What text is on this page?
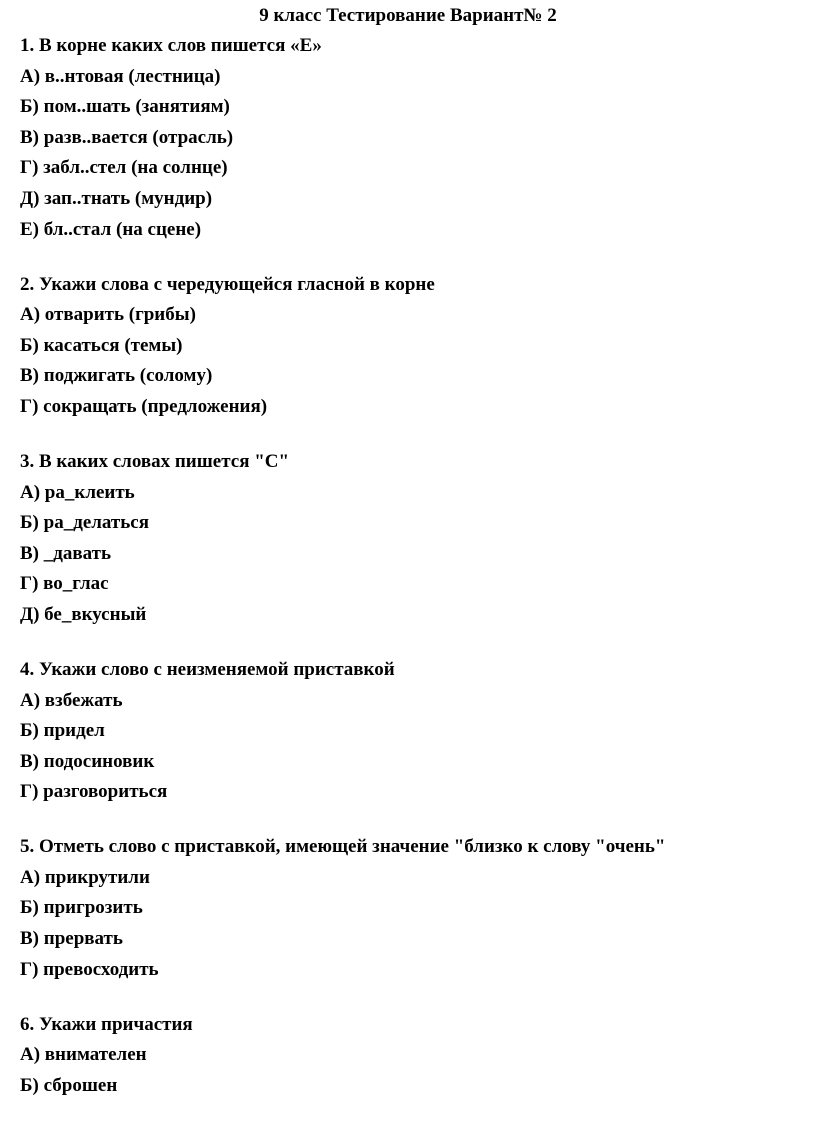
9 класс Тестирование Вариант№ 2
1. В корне каких слов пишется «Е»
А) в..нтовая (лестница)
Б) пом..шать (занятиям)
В) разв..вается (отрасль)
Г) забл..стел (на солнце)
Д) зап..тнать (мундир)
Е) бл..стал (на сцене)
2. Укажи слова с чередующейся гласной в корне
А) отварить (грибы)
Б) касаться (темы)
В) поджигать (солому)
Г) сокращать (предложения)
3. В каких словах пишется "С"
А) ра_клеить
Б) ра_делаться
В) _давать
Г) во_глас
Д) бе_вкусный
4. Укажи слово с неизменяемой приставкой
А) взбежать
Б) придел
В) подосиновик
Г) разговориться
5. Отметь слово с приставкой, имеющей значение "близко к слову "очень"
А) прикрутили
Б) пригрозить
В) прервать
Г) превосходить
6. Укажи причастия
А) внимателен
Б) сброшен
